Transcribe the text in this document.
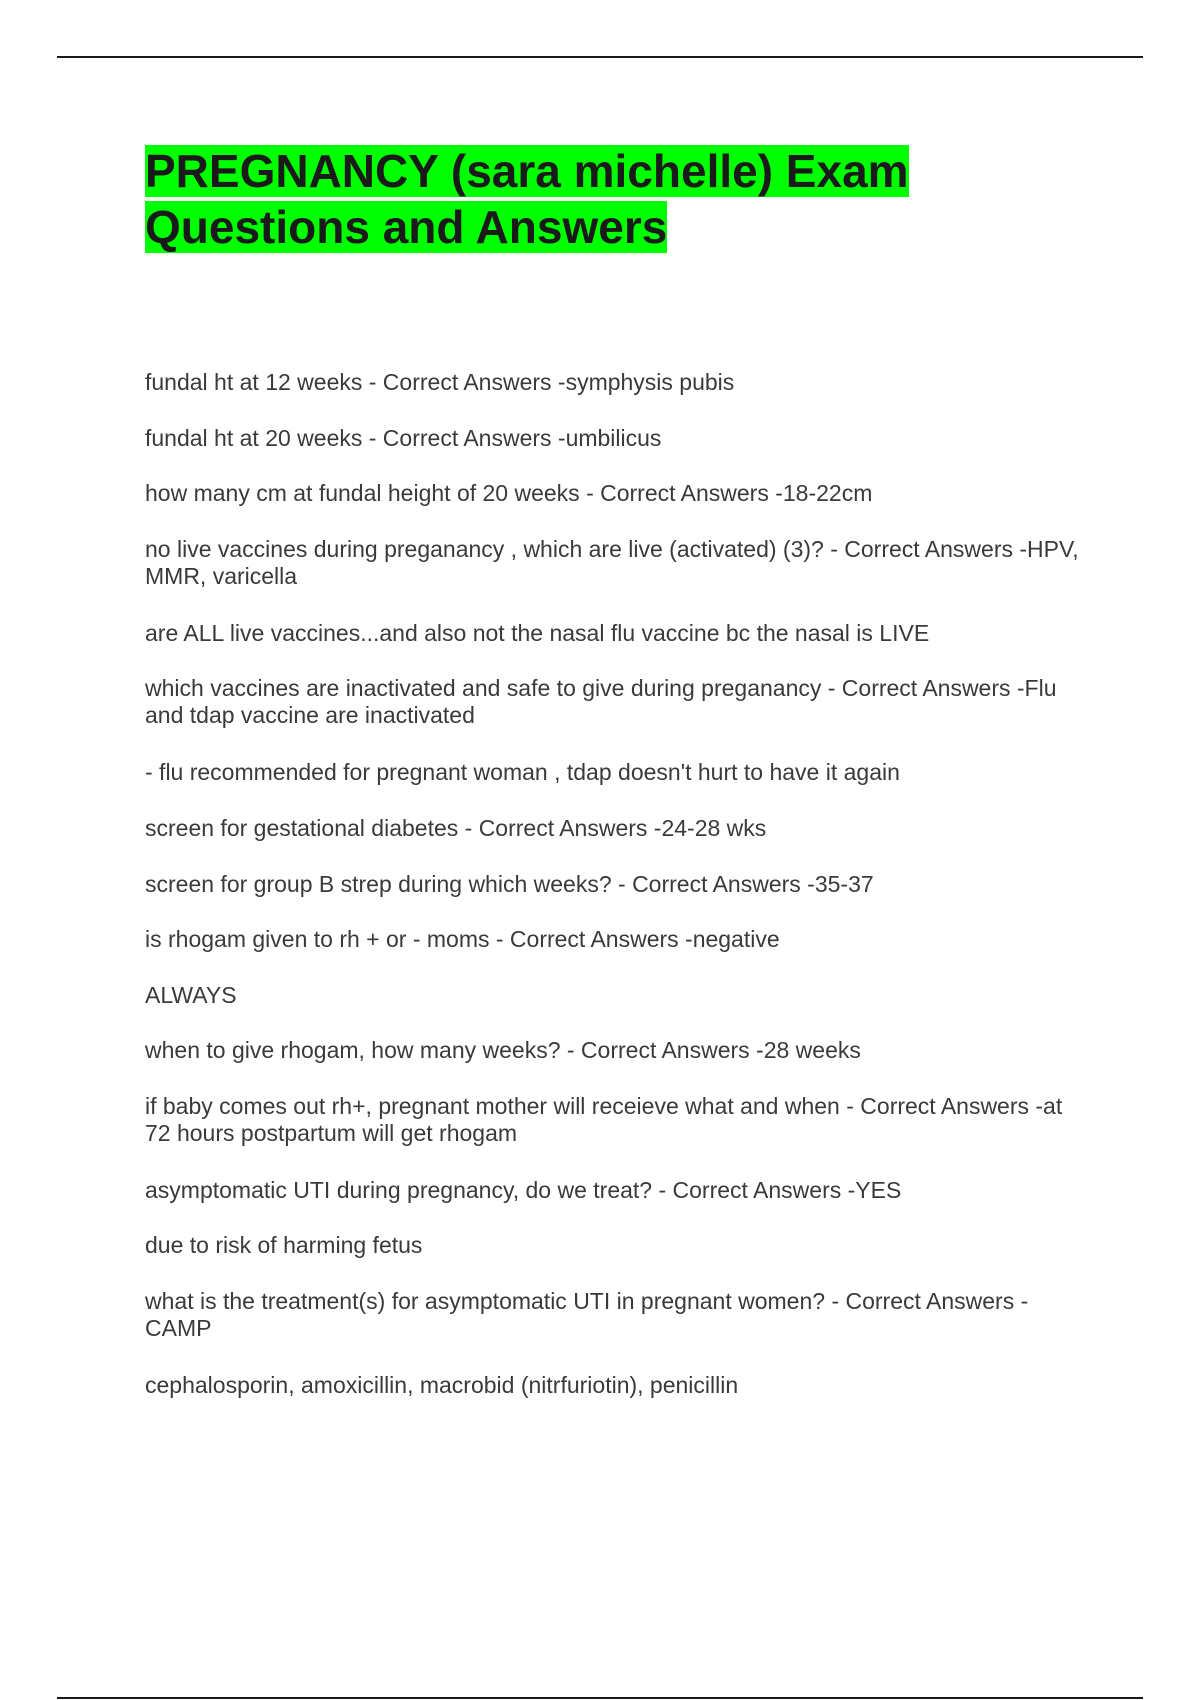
PREGNANCY (sara michelle) Exam
Questions and Answers

fundal ht at 12 weeks - Correct Answers -symphysis pubis

fundal ht at 20 weeks - Correct Answers -umbilicus

how many cm at fundal height of 20 weeks - Correct Answers -18-22cm

no live vaccines during preganancy , which are live (activated) (3)? - Correct Answers -HPV, MMR, varicella

are ALL live vaccines...and also not the nasal flu vaccine bc the nasal is LIVE

which vaccines are inactivated and safe to give during preganancy - Correct Answers -Flu and tdap vaccine are inactivated

- flu recommended for pregnant woman , tdap doesn't hurt to have it again

screen for gestational diabetes - Correct Answers -24-28 wks

screen for group B strep during which weeks? - Correct Answers -35-37

is rhogam given to rh + or - moms - Correct Answers -negative

ALWAYS

when to give rhogam, how many weeks? - Correct Answers -28 weeks

if baby comes out rh+, pregnant mother will receieve what and when - Correct Answers -at 72 hours postpartum will get rhogam

asymptomatic UTI during pregnancy, do we treat? - Correct Answers -YES

due to risk of harming fetus

what is the treatment(s) for asymptomatic UTI in pregnant women? - Correct Answers -CAMP

cephalosporin, amoxicillin, macrobid (nitrfuriotin), penicillin
